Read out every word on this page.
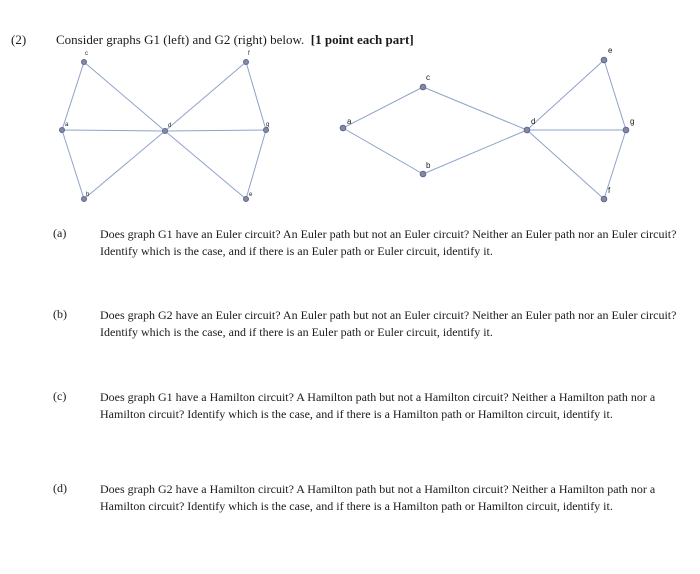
(2) Consider graphs G1 (left) and G2 (right) below. [1 point each part]
c	f
a	d	g
b	e
a
c
b
d
e
g
f
(a)	Does graph G1 have an Euler circuit? An Euler path but not an Euler circuit? Neither an Euler path nor an Euler circuit? Identify which is the case, and if there is an Euler path or Euler circuit, identify it.
(b)	Does graph G2 have an Euler circuit? An Euler path but not an Euler circuit? Neither an Euler path nor an Euler circuit? Identify which is the case, and if there is an Euler path or Euler circuit, identify it.
(c)	Does graph G1 have a Hamilton circuit? A Hamilton path but not a Hamilton circuit? Neither a Hamilton path nor a Hamilton circuit? Identify which is the case, and if there is a Hamilton path or Hamilton circuit, identify it.
(d)	Does graph G2 have a Hamilton circuit? A Hamilton path but not a Hamilton circuit? Neither a Hamilton path nor a Hamilton circuit? Identify which is the case, and if there is a Hamilton path or Hamilton circuit, identify it.
